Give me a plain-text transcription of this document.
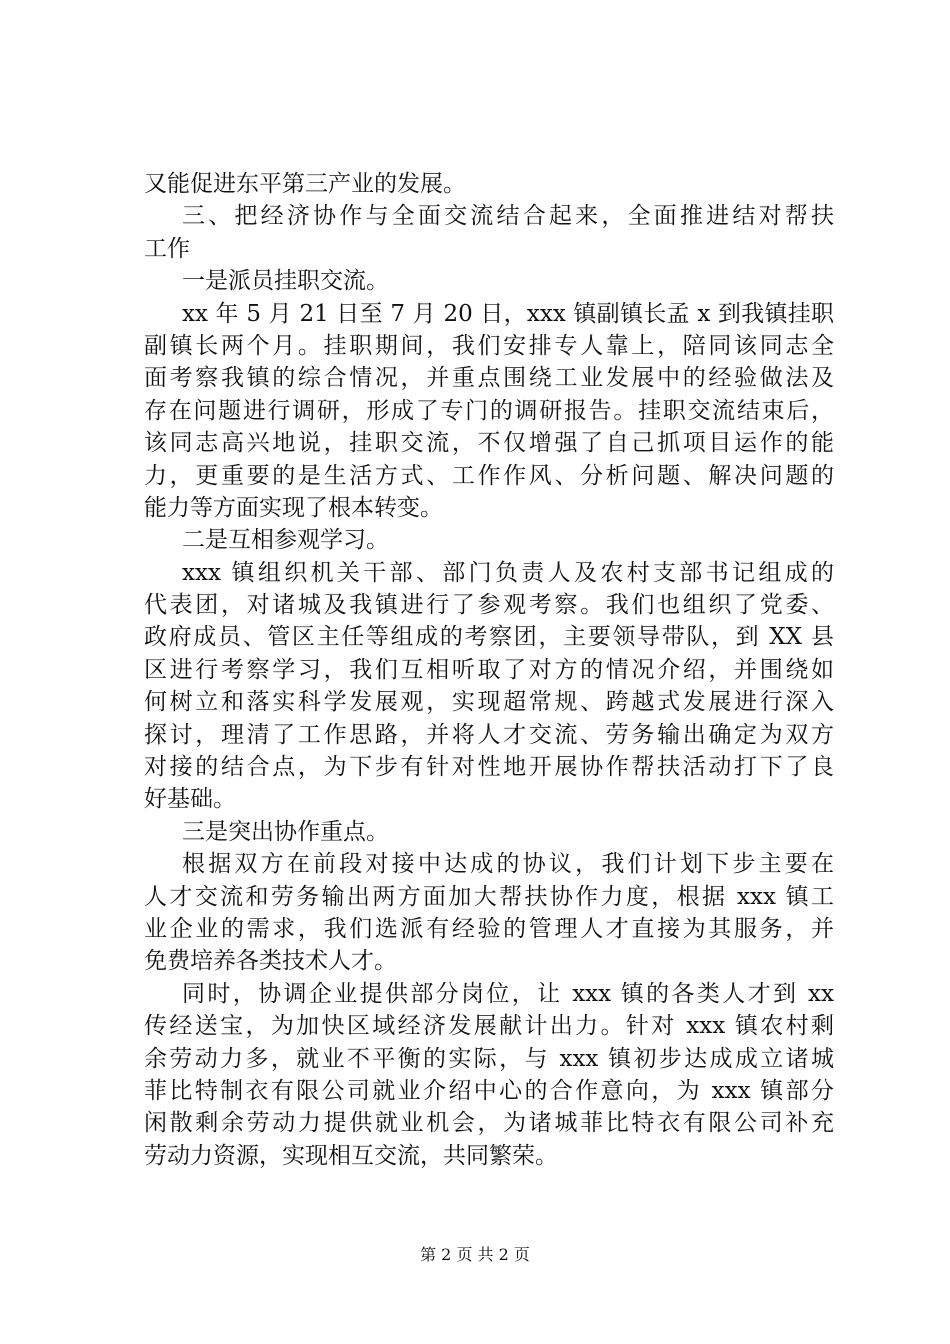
又能促进东平第三产业的发展。
三、把经济协作与全面交流结合起来，全面推进结对帮扶
工作
一是派员挂职交流。
xx 年 5 月 21 日至 7 月 20 日，xxx 镇副镇长孟 x 到我镇挂职
副镇长两个月。挂职期间，我们安排专人靠上，陪同该同志全
面考察我镇的综合情况，并重点围绕工业发展中的经验做法及
存在问题进行调研，形成了专门的调研报告。挂职交流结束后，
该同志高兴地说，挂职交流，不仅增强了自己抓项目运作的能
力，更重要的是生活方式、工作作风、分析问题、解决问题的
能力等方面实现了根本转变。
二是互相参观学习。
xxx 镇组织机关干部、部门负责人及农村支部书记组成的
代表团，对诸城及我镇进行了参观考察。我们也组织了党委、
政府成员、管区主任等组成的考察团，主要领导带队，到 XX 县
区进行考察学习，我们互相听取了对方的情况介绍，并围绕如
何树立和落实科学发展观，实现超常规、跨越式发展进行深入
探讨，理清了工作思路，并将人才交流、劳务输出确定为双方
对接的结合点，为下步有针对性地开展协作帮扶活动打下了良
好基础。
三是突出协作重点。
根据双方在前段对接中达成的协议，我们计划下步主要在
人才交流和劳务输出两方面加大帮扶协作力度，根据 xxx 镇工
业企业的需求，我们选派有经验的管理人才直接为其服务，并
免费培养各类技术人才。
同时，协调企业提供部分岗位，让 xxx 镇的各类人才到 xx
传经送宝，为加快区域经济发展献计出力。针对 xxx 镇农村剩
余劳动力多，就业不平衡的实际，与 xxx 镇初步达成成立诸城
菲比特制衣有限公司就业介绍中心的合作意向，为 xxx 镇部分
闲散剩余劳动力提供就业机会，为诸城菲比特衣有限公司补充
劳动力资源，实现相互交流，共同繁荣。
第 2 页 共 2 页
